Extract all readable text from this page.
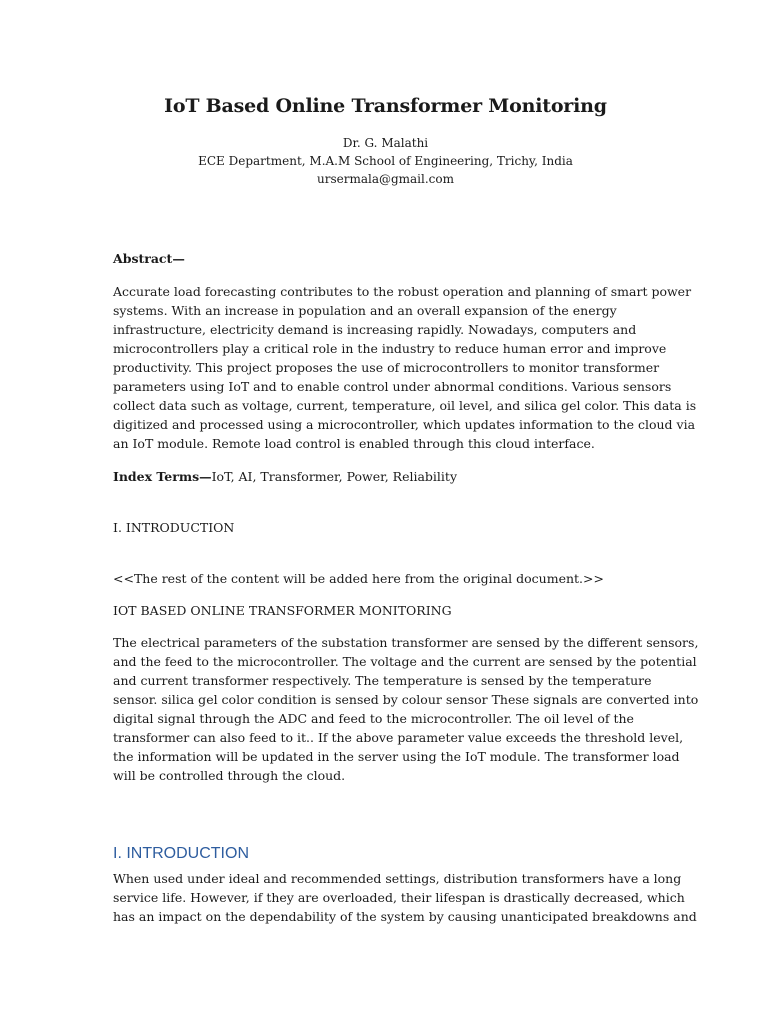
IoT Based Online Transformer Monitoring
Dr. G. Malathi
ECE Department, M.A.M School of Engineering, Trichy, India
ursermala@gmail.com
Abstract—

Accurate load forecasting contributes to the robust operation and planning of smart power
systems. With an increase in population and an overall expansion of the energy
infrastructure, electricity demand is increasing rapidly. Nowadays, computers and
microcontrollers play a critical role in the industry to reduce human error and improve
productivity. This project proposes the use of microcontrollers to monitor transformer
parameters using IoT and to enable control under abnormal conditions. Various sensors
collect data such as voltage, current, temperature, oil level, and silica gel color. This data is
digitized and processed using a microcontroller, which updates information to the cloud via
an IoT module. Remote load control is enabled through this cloud interface.

Index Terms—IoT, AI, Transformer, Power, Reliability

I. INTRODUCTION

<<The rest of the content will be added here from the original document.>>

IOT BASED ONLINE TRANSFORMER MONITORING

The electrical parameters of the substation transformer are sensed by the different sensors,
and the feed to the microcontroller. The voltage and the current are sensed by the potential
and current transformer respectively. The temperature is sensed by the temperature
sensor. silica gel color condition is sensed by colour sensor These signals are converted into
digital signal through the ADC and feed to the microcontroller. The oil level of the
transformer can also feed to it.. If the above parameter value exceeds the threshold level,
the information will be updated in the server using the IoT module. The transformer load
will be controlled through the cloud.

I. INTRODUCTION

When used under ideal and recommended settings, distribution transformers have a long
service life. However, if they are overloaded, their lifespan is drastically decreased, which
has an impact on the dependability of the system by causing unanticipated breakdowns and
